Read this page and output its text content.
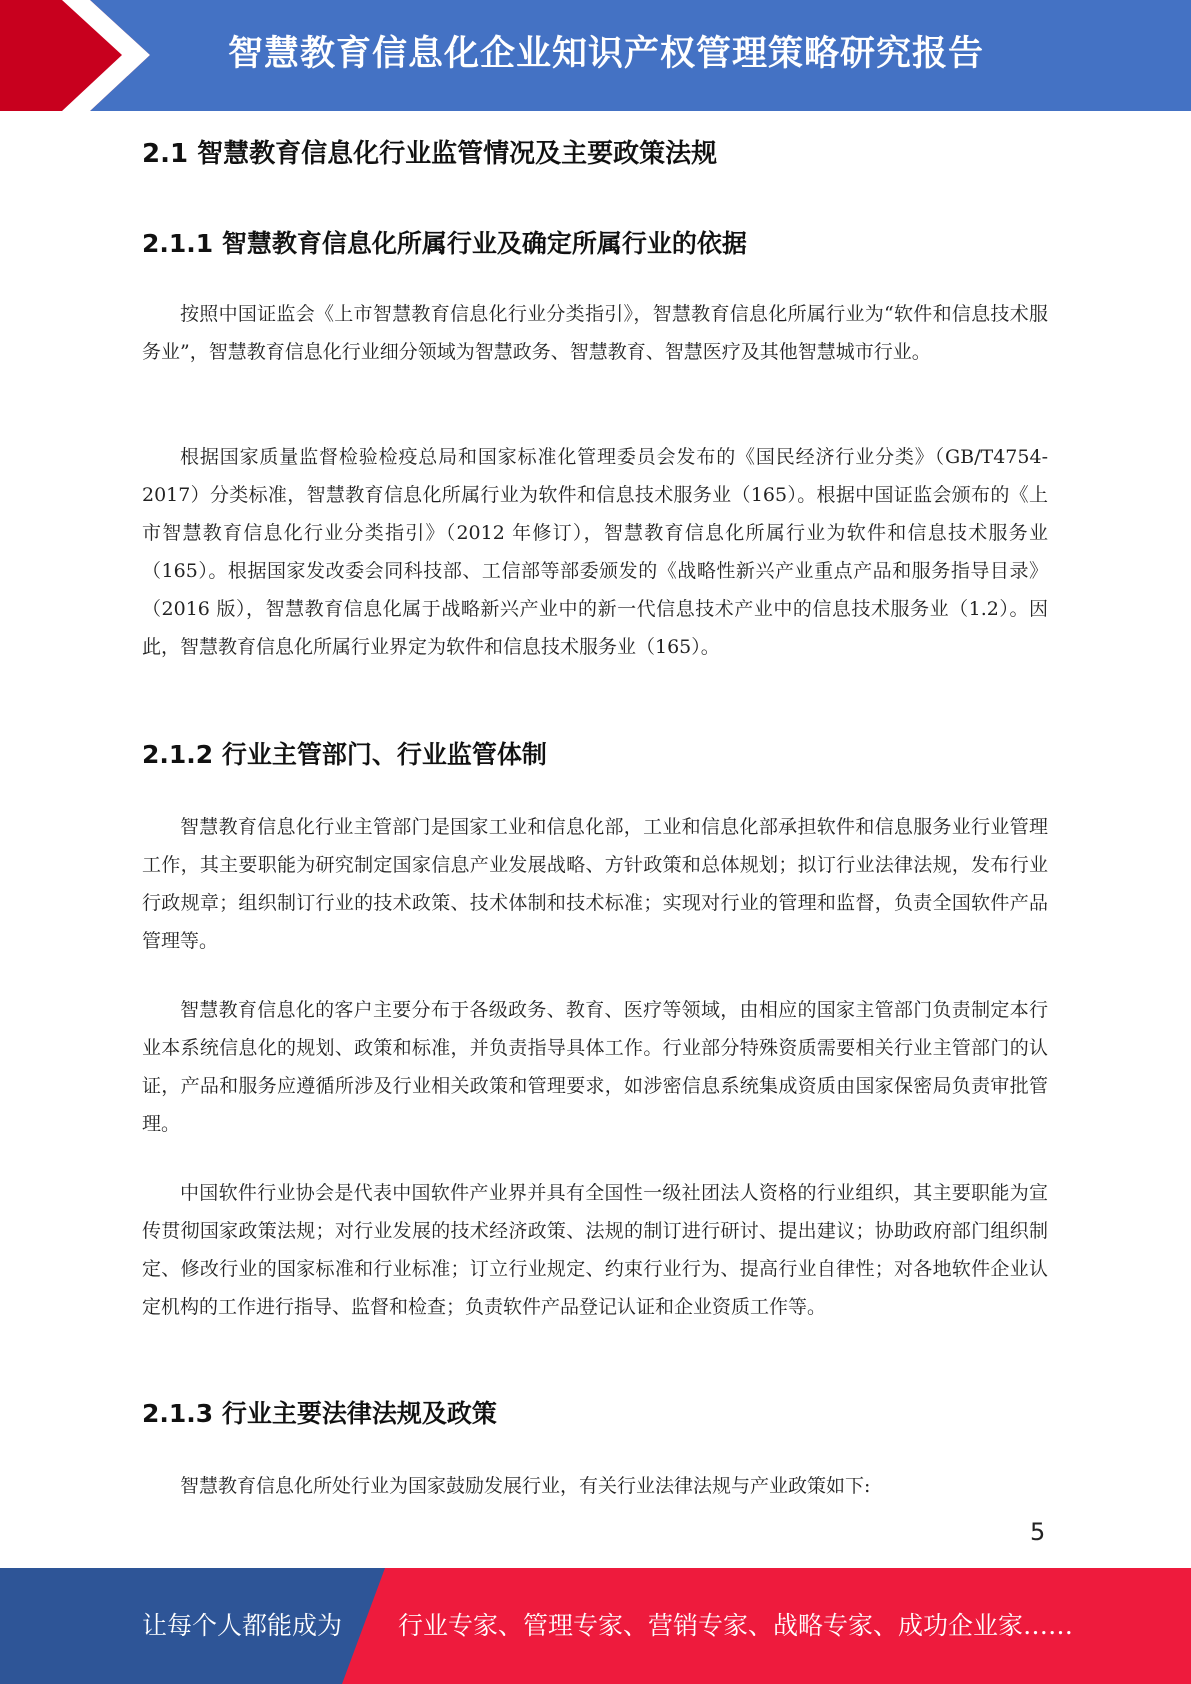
智慧教育信息化企业知识产权管理策略研究报告
2.1 智慧教育信息化行业监管情况及主要政策法规
2.1.1 智慧教育信息化所属行业及确定所属行业的依据

按照中国证监会《上市智慧教育信息化行业分类指引》，智慧教育信息化所属行业为“软件和信息技术服务业”，智慧教育信息化行业细分领域为智慧政务、智慧教育、智慧医疗及其他智慧城市行业。

根据国家质量监督检验检疫总局和国家标准化管理委员会发布的《国民经济行业分类》（GB/T4754-2017）分类标准，智慧教育信息化所属行业为软件和信息技术服务业（165）。根据中国证监会颁布的《上市智慧教育信息化行业分类指引》（2012 年修订），智慧教育信息化所属行业为软件和信息技术服务业（165）。根据国家发改委会同科技部、工信部等部委颁发的《战略性新兴产业重点产品和服务指导目录》（2016 版），智慧教育信息化属于战略新兴产业中的新一代信息技术产业中的信息技术服务业（1.2）。因此，智慧教育信息化所属行业界定为软件和信息技术服务业（165）。

2.1.2 行业主管部门、行业监管体制

智慧教育信息化行业主管部门是国家工业和信息化部，工业和信息化部承担软件和信息服务业行业管理工作，其主要职能为研究制定国家信息产业发展战略、方针政策和总体规划；拟订行业法律法规，发布行业行政规章；组织制订行业的技术政策、技术体制和技术标准；实现对行业的管理和监督，负责全国软件产品管理等。

智慧教育信息化的客户主要分布于各级政务、教育、医疗等领域，由相应的国家主管部门负责制定本行业本系统信息化的规划、政策和标准，并负责指导具体工作。行业部分特殊资质需要相关行业主管部门的认证，产品和服务应遵循所涉及行业相关政策和管理要求，如涉密信息系统集成资质由国家保密局负责审批管理。

中国软件行业协会是代表中国软件产业界并具有全国性一级社团法人资格的行业组织，其主要职能为宣传贯彻国家政策法规；对行业发展的技术经济政策、法规的制订进行研讨、提出建议；协助政府部门组织制定、修改行业的国家标准和行业标准；订立行业规定、约束行业行为、提高行业自律性；对各地软件企业认定机构的工作进行指导、监督和检查；负责软件产品登记认证和企业资质工作等。

2.1.3 行业主要法律法规及政策

智慧教育信息化所处行业为国家鼓励发展行业，有关行业法律法规与产业政策如下:

5
让每个人都能成为 行业专家、管理专家、营销专家、战略专家、成功企业家……
